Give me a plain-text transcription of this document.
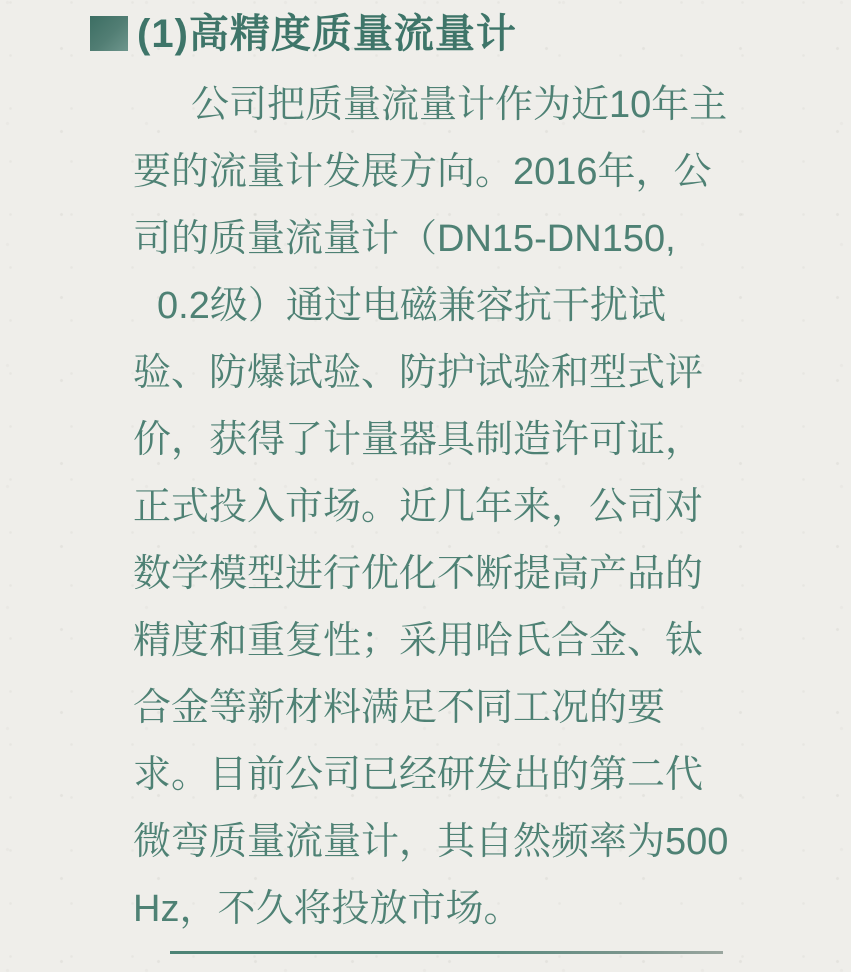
(1)高精度质量流量计
公司把质量流量计作为近10年主
要的流量计发展方向。2016年，公
司的质量流量计（DN15-DN150,
0.2级）通过电磁兼容抗干扰试
验、防爆试验、防护试验和型式评
价，获得了计量器具制造许可证，
正式投入市场。近几年来，公司对
数学模型进行优化不断提高产品的
精度和重复性；采用哈氏合金、钛
合金等新材料满足不同工况的要
求。目前公司已经研发出的第二代
微弯质量流量计，其自然频率为500
Hz，不久将投放市场。
